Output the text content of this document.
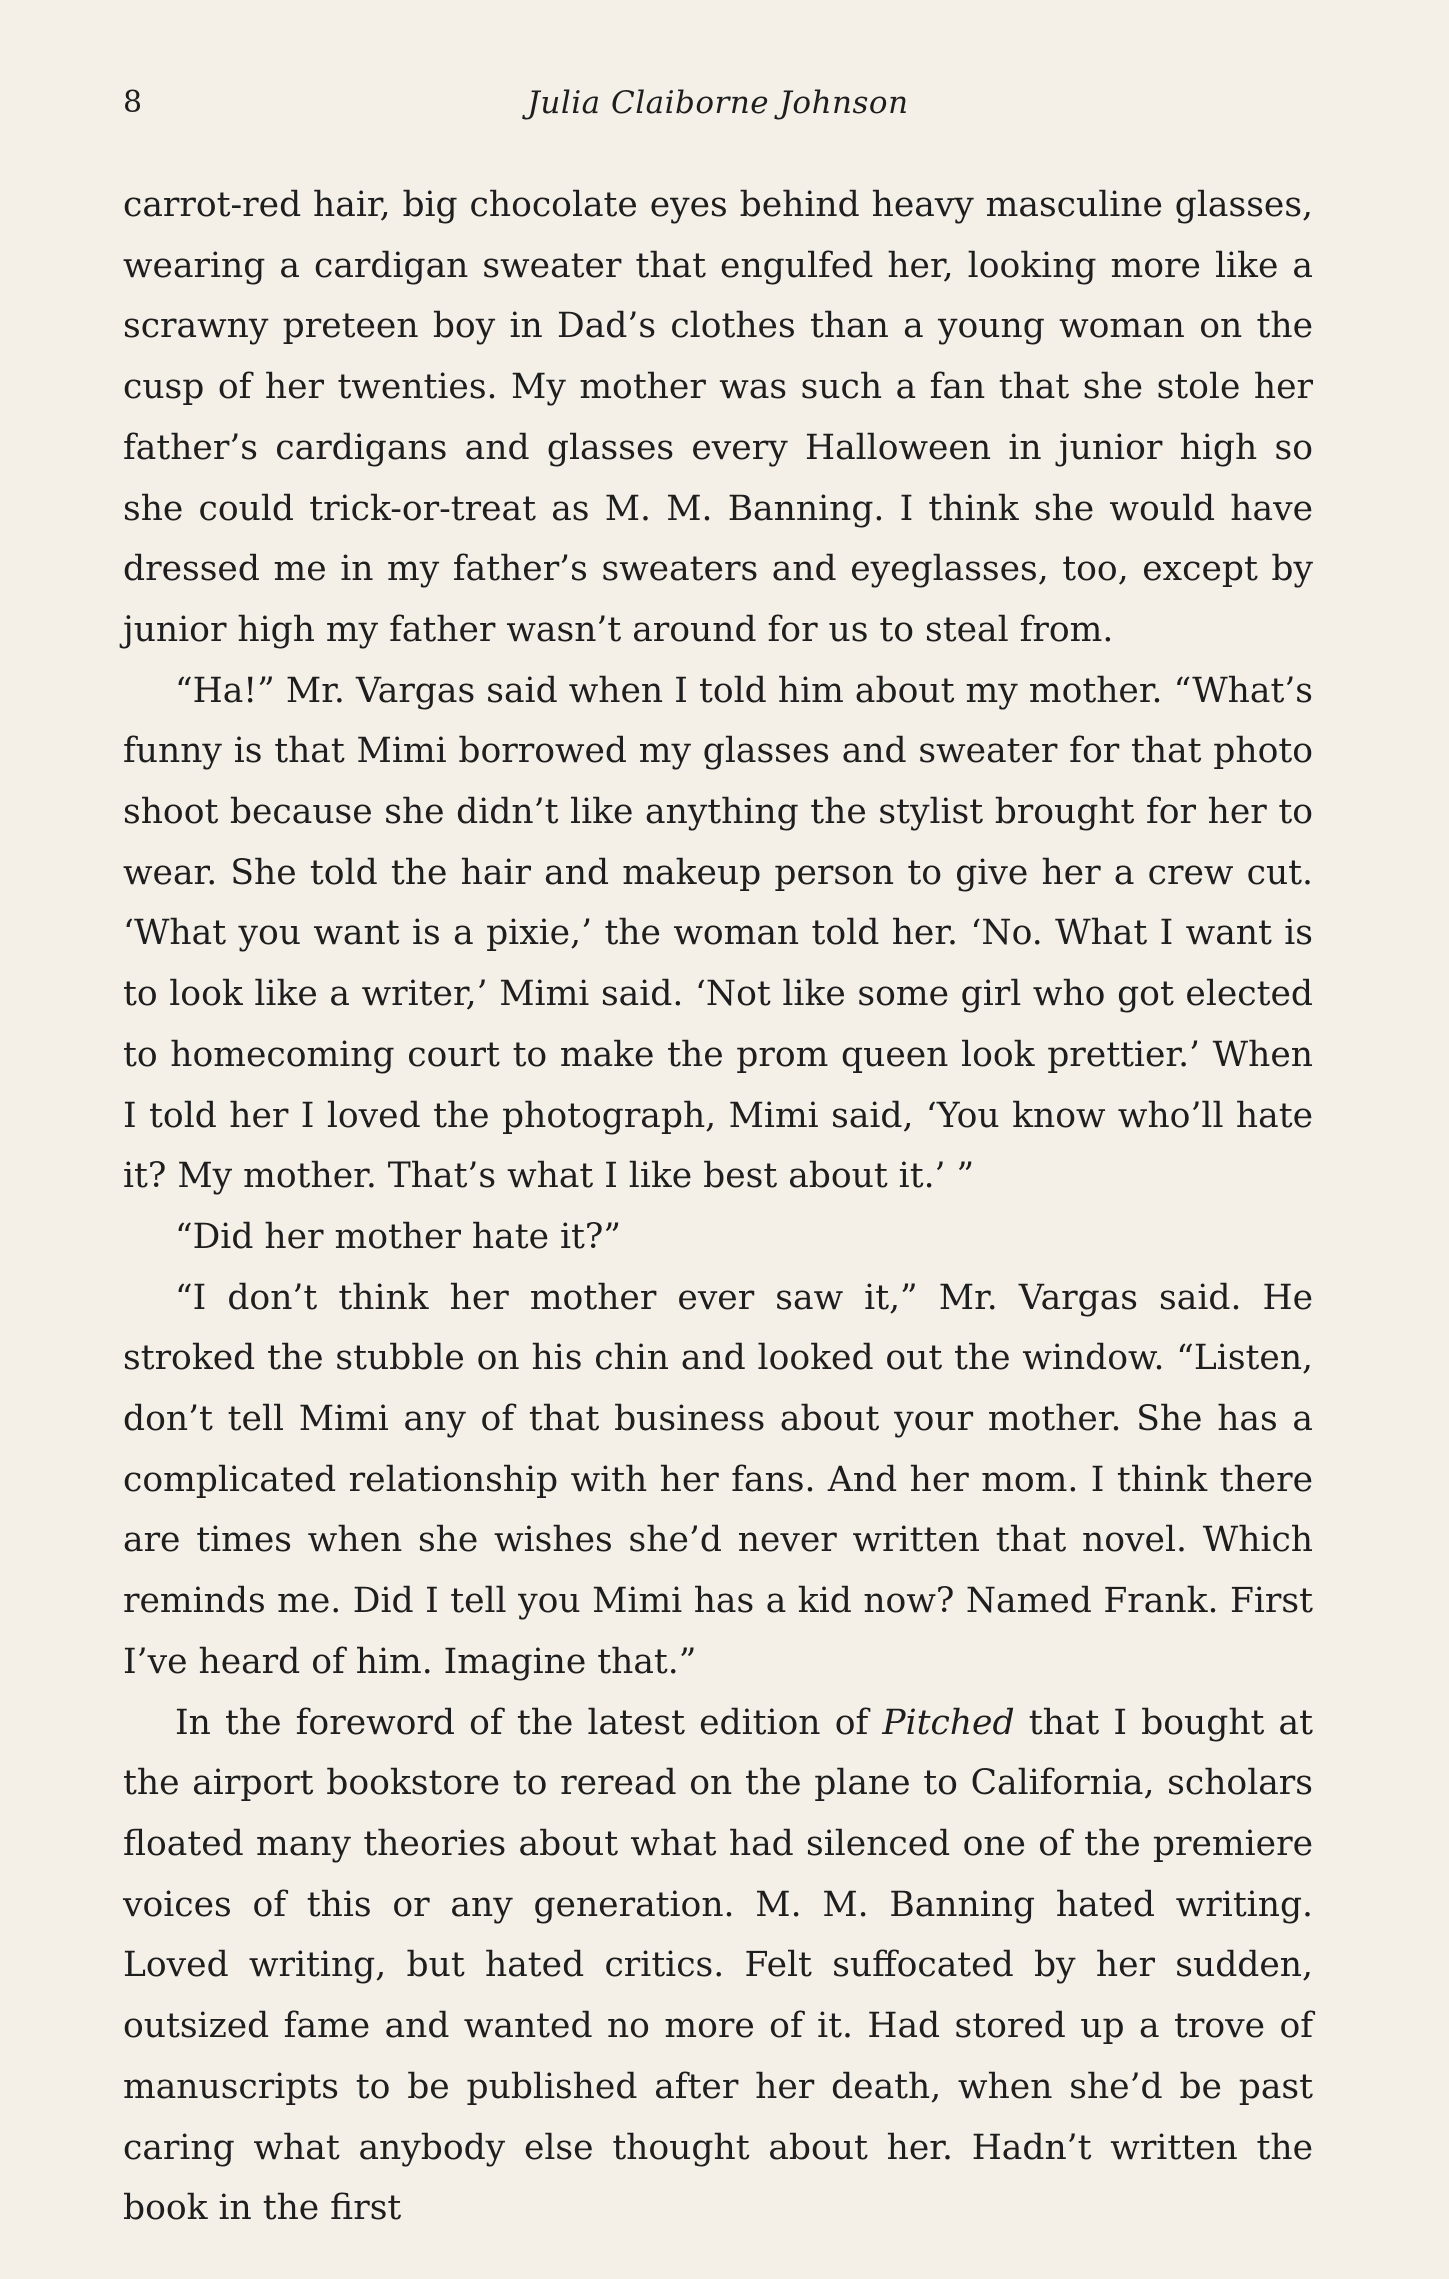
8	Julia Claiborne Johnson

carrot-red hair, big chocolate eyes behind heavy masculine glasses, wearing a cardigan sweater that engulfed her, looking more like a scrawny preteen boy in Dad’s clothes than a young woman on the cusp of her twenties. My mother was such a fan that she stole her father’s cardigans and glasses every Halloween in junior high so she could trick-or-treat as M. M. Banning. I think she would have dressed me in my father’s sweaters and eyeglasses, too, except by junior high my father wasn’t around for us to steal from.

“Ha!” Mr. Vargas said when I told him about my mother. “What’s funny is that Mimi borrowed my glasses and sweater for that photo shoot because she didn’t like anything the stylist brought for her to wear. She told the hair and makeup person to give her a crew cut. ‘What you want is a pixie,’ the woman told her. ‘No. What I want is to look like a writer,’ Mimi said. ‘Not like some girl who got elected to homecoming court to make the prom queen look prettier.’ When I told her I loved the photograph, Mimi said, ‘You know who’ll hate it? My mother. That’s what I like best about it.’ ”

“Did her mother hate it?”

“I don’t think her mother ever saw it,” Mr. Vargas said. He stroked the stubble on his chin and looked out the window. “Listen, don’t tell Mimi any of that business about your mother. She has a complicated relationship with her fans. And her mom. I think there are times when she wishes she’d never written that novel. Which reminds me. Did I tell you Mimi has a kid now? Named Frank. First I’ve heard of him. Imagine that.”

In the foreword of the latest edition of Pitched that I bought at the airport bookstore to reread on the plane to California, scholars floated many theories about what had silenced one of the premiere voices of this or any generation. M. M. Banning hated writing. Loved writing, but hated critics. Felt suffocated by her sudden, outsized fame and wanted no more of it. Had stored up a trove of manuscripts to be published after her death, when she’d be past caring what anybody else thought about her. Hadn’t written the book in the first
